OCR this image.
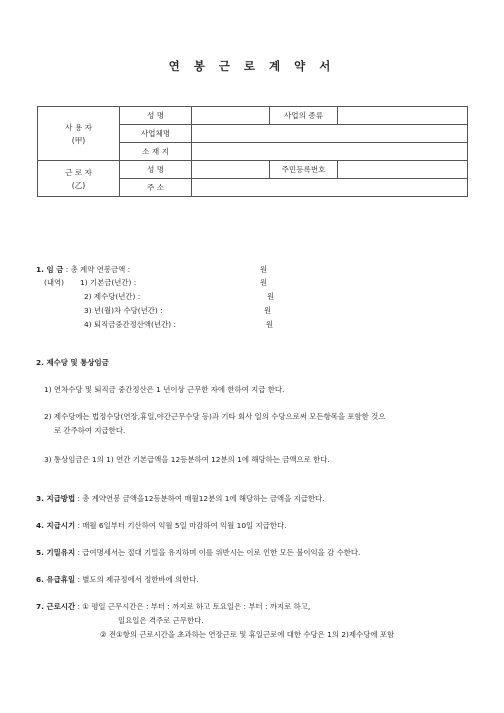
연 봉 근 로 계 약 서
사 용 자
(甲)	성 명		사업의 종류	
	사업체명			
	소 재 지			

근 로 자
(乙)	성 명		주민등록번호	
	주 소			
1. 임 금 : 총 계약 연봉금액 :	원
(내역) 1) 기본금(년간) :	원
2) 제수당(년간) :	원
3) 년(월)차 수당(년간) :	원
4) 퇴직금중간정산액(년간) :	원
2. 제수당 및 통상임금
1) 연차수당 및 퇴직금 중간정산은 1 년이상 근무한 자에 한하여 지급 한다.
2) 제수당에는 법정수당(연장,휴일,야간근무수당 등)과 기타 회사 일의 수당으로써 모든항목을 포함한 것으
로 간주하여 지급한다.
3) 통상임금은 1의 1) 연간 기본급액을 12등분하여 12분의 1에 해당하는 금액으로 한다.
3. 지급방법 : 총 계약연봉 금액을12등분하여 매월12분의 1에 해당하는 금액을 지급한다.
4. 지급시기 : 매월 6일부터 기산하여 익월 5일 마감하여 익월 10일 지급한다.
5. 기밀유지 : 급여명세서는 절대 기밀을 유지하며 이를 위반시는 이로 인한 모든 불이익을 감 수한다.
6. 유급휴일 : 별도의 제규정에서 정한바에 의한다.
7. 근로시간 : ① 평일 근무시간은 : 부터 : 까지로 하고 토요일은 : 부터 : 까지로 하고,
일요일은 격주로 근무한다.
② 전①항의 근로시간을 초과하는 연장근로 및 휴일근로에 대한 수당은 1의 2)제수당에 포함
